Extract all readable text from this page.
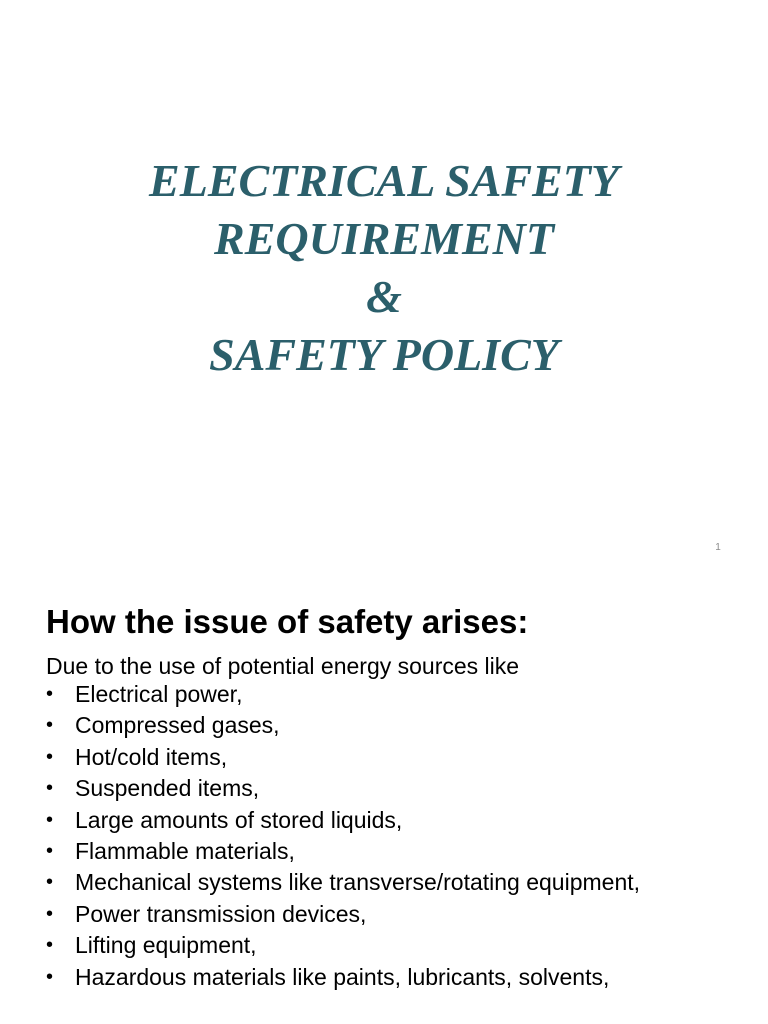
ELECTRICAL SAFETY
REQUIREMENT
&
SAFETY POLICY
1
How the issue of safety arises:
Due to the use of potential energy sources like
• Electrical power,
• Compressed gases,
• Hot/cold items,
• Suspended items,
• Large amounts of stored liquids,
• Flammable materials,
• Mechanical systems like transverse/rotating equipment,
• Power transmission devices,
• Lifting equipment,
• Hazardous materials like paints, lubricants, solvents,
